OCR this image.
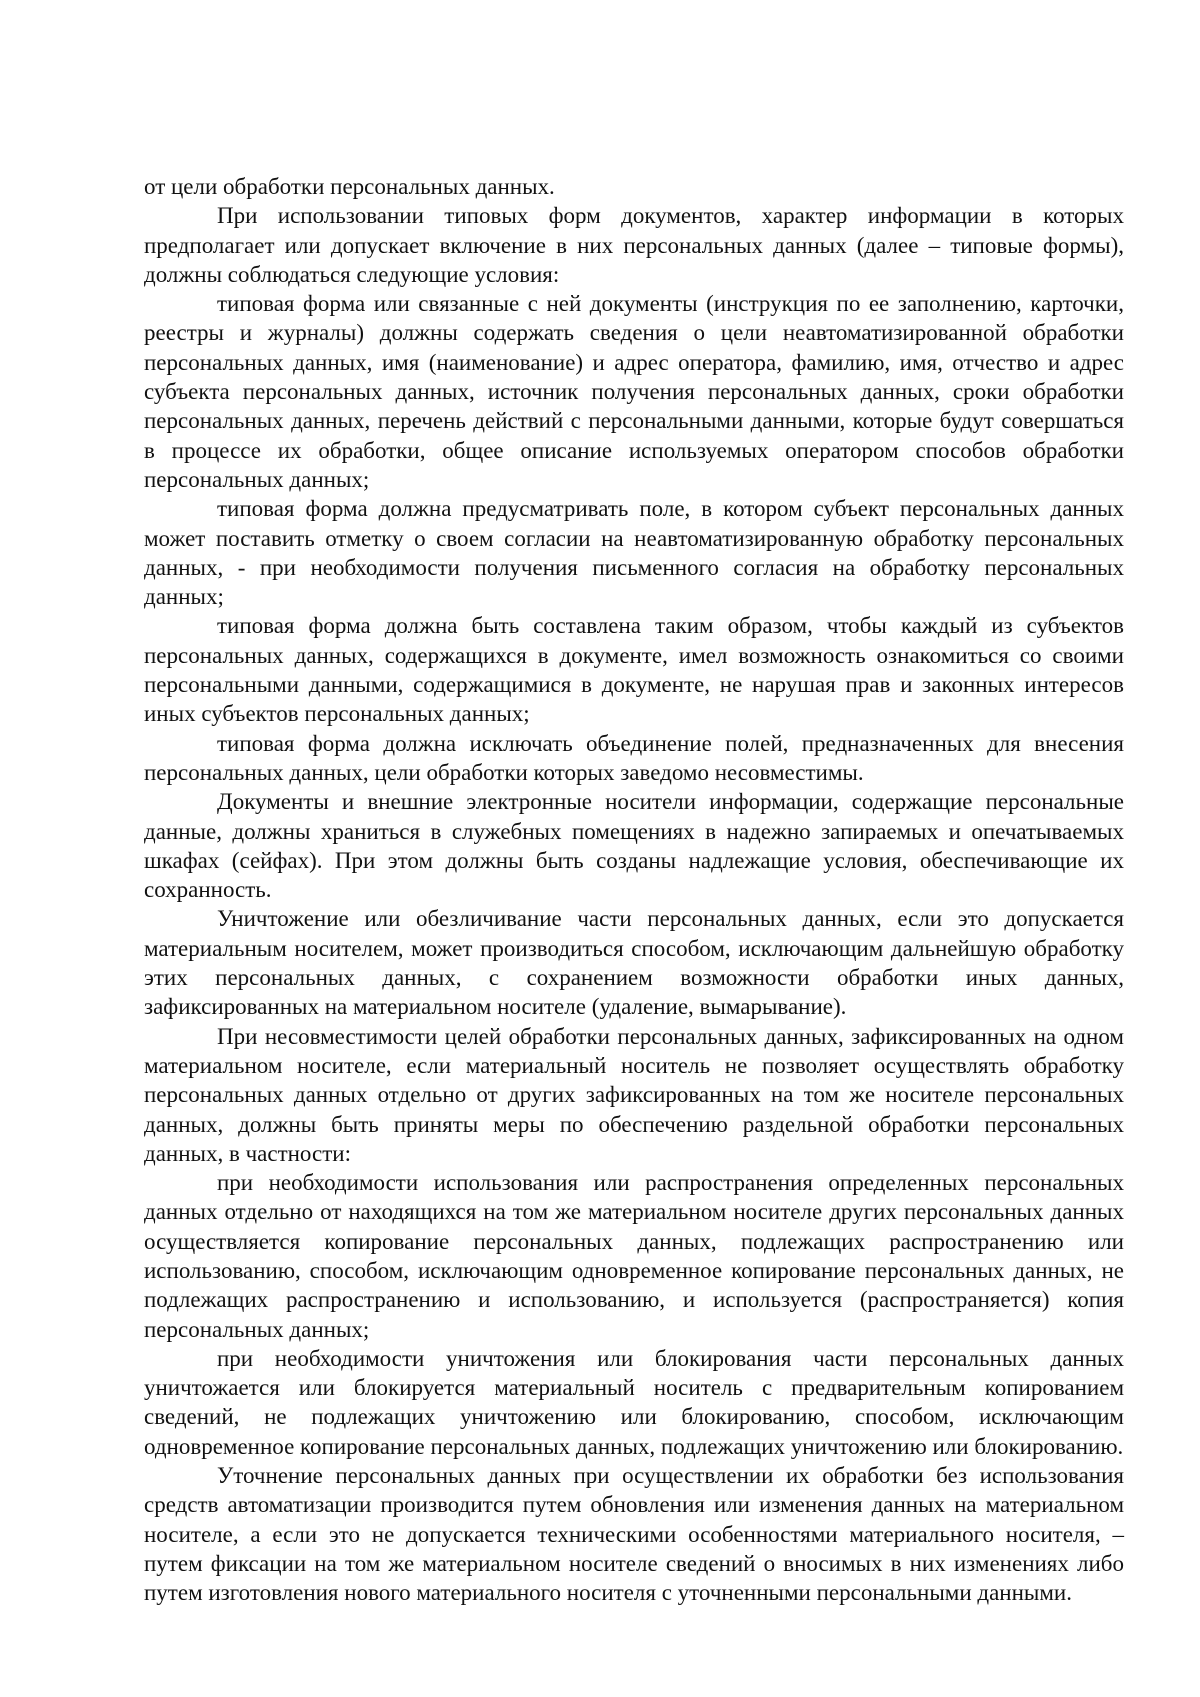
от цели обработки персональных данных.

При использовании типовых форм документов, характер информации в которых предполагает или допускает включение в них персональных данных (далее – типовые формы), должны соблюдаться следующие условия:

типовая форма или связанные с ней документы (инструкция по ее заполнению, карточки, реестры и журналы) должны содержать сведения о цели неавтоматизированной обработки персональных данных, имя (наименование) и адрес оператора, фамилию, имя, отчество и адрес субъекта персональных данных, источник получения персональных данных, сроки обработки персональных данных, перечень действий с персональными данными, которые будут совершаться в процессе их обработки, общее описание используемых оператором способов обработки персональных данных;

типовая форма должна предусматривать поле, в котором субъект персональных данных может поставить отметку о своем согласии на неавтоматизированную обработку персональных данных, - при необходимости получения письменного согласия на обработку персональных данных;

типовая форма должна быть составлена таким образом, чтобы каждый из субъектов персональных данных, содержащихся в документе, имел возможность ознакомиться со своими персональными данными, содержащимися в документе, не нарушая прав и законных интересов иных субъектов персональных данных;

типовая форма должна исключать объединение полей, предназначенных для внесения персональных данных, цели обработки которых заведомо несовместимы.

Документы и внешние электронные носители информации, содержащие персональные данные, должны храниться в служебных помещениях в надежно запираемых и опечатываемых шкафах (сейфах). При этом должны быть созданы надлежащие условия, обеспечивающие их сохранность.

Уничтожение или обезличивание части персональных данных, если это допускается материальным носителем, может производиться способом, исключающим дальнейшую обработку этих персональных данных, с сохранением возможности обработки иных данных, зафиксированных на материальном носителе (удаление, вымарывание).

При несовместимости целей обработки персональных данных, зафиксированных на одном материальном носителе, если материальный носитель не позволяет осуществлять обработку персональных данных отдельно от других зафиксированных на том же носителе персональных данных, должны быть приняты меры по обеспечению раздельной обработки персональных данных, в частности:

при необходимости использования или распространения определенных персональных данных отдельно от находящихся на том же материальном носителе других персональных данных осуществляется копирование персональных данных, подлежащих распространению или использованию, способом, исключающим одновременное копирование персональных данных, не подлежащих распространению и использованию, и используется (распространяется) копия персональных данных;

при необходимости уничтожения или блокирования части персональных данных уничтожается или блокируется материальный носитель с предварительным копированием сведений, не подлежащих уничтожению или блокированию, способом, исключающим одновременное копирование персональных данных, подлежащих уничтожению или блокированию.

Уточнение персональных данных при осуществлении их обработки без использования средств автоматизации производится путем обновления или изменения данных на материальном носителе, а если это не допускается техническими особенностями материального носителя, – путем фиксации на том же материальном носителе сведений о вносимых в них изменениях либо путем изготовления нового материального носителя с уточненными персональными данными.
